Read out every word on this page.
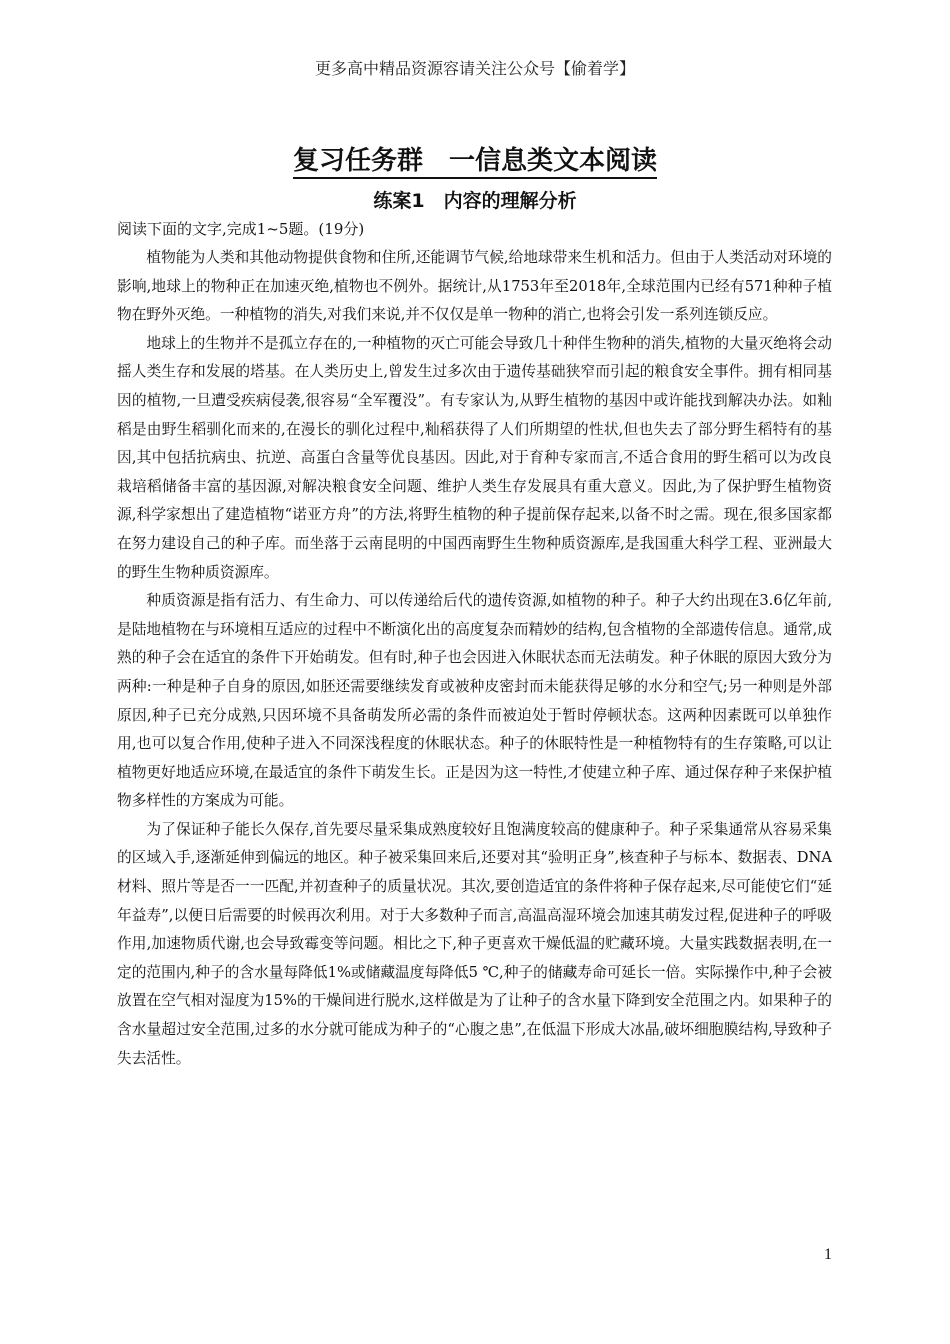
更多高中精品资源容请关注公众号【偷着学】
复习任务群　一信息类文本阅读
练案1　内容的理解分析
阅读下面的文字,完成1~5题。(19分)

植物能为人类和其他动物提供食物和住所,还能调节气候,给地球带来生机和活力。但由于人类活动对环境的影响,地球上的物种正在加速灭绝,植物也不例外。据统计,从1753年至2018年,全球范围内已经有571种种子植物在野外灭绝。一种植物的消失,对我们来说,并不仅仅是单一物种的消亡,也将会引发一系列连锁反应。

地球上的生物并不是孤立存在的,一种植物的灭亡可能会导致几十种伴生物种的消失,植物的大量灭绝将会动摇人类生存和发展的塔基。在人类历史上,曾发生过多次由于遗传基础狭窄而引起的粮食安全事件。拥有相同基因的植物,一旦遭受疾病侵袭,很容易“全军覆没”。有专家认为,从野生植物的基因中或许能找到解决办法。如籼稻是由野生稻驯化而来的,在漫长的驯化过程中,籼稻获得了人们所期望的性状,但也失去了部分野生稻特有的基因,其中包括抗病虫、抗逆、高蛋白含量等优良基因。因此,对于育种专家而言,不适合食用的野生稻可以为改良栽培稻储备丰富的基因源,对解决粮食安全问题、维护人类生存发展具有重大意义。因此,为了保护野生植物资源,科学家想出了建造植物“诺亚方舟”的方法,将野生植物的种子提前保存起来,以备不时之需。现在,很多国家都在努力建设自己的种子库。而坐落于云南昆明的中国西南野生生物种质资源库,是我国重大科学工程、亚洲最大的野生生物种质资源库。

种质资源是指有活力、有生命力、可以传递给后代的遗传资源,如植物的种子。种子大约出现在3.6亿年前,是陆地植物在与环境相互适应的过程中不断演化出的高度复杂而精妙的结构,包含植物的全部遗传信息。通常,成熟的种子会在适宜的条件下开始萌发。但有时,种子也会因进入休眠状态而无法萌发。种子休眠的原因大致分为两种:一种是种子自身的原因,如胚还需要继续发育或被种皮密封而未能获得足够的水分和空气;另一种则是外部原因,种子已充分成熟,只因环境不具备萌发所必需的条件而被迫处于暂时停顿状态。这两种因素既可以单独作用,也可以复合作用,使种子进入不同深浅程度的休眠状态。种子的休眠特性是一种植物特有的生存策略,可以让植物更好地适应环境,在最适宜的条件下萌发生长。正是因为这一特性,才使建立种子库、通过保存种子来保护植物多样性的方案成为可能。

为了保证种子能长久保存,首先要尽量采集成熟度较好且饱满度较高的健康种子。种子采集通常从容易采集的区域入手,逐渐延伸到偏远的地区。种子被采集回来后,还要对其“验明正身”,核查种子与标本、数据表、DNA材料、照片等是否一一匹配,并初查种子的质量状况。其次,要创造适宜的条件将种子保存起来,尽可能使它们“延年益寿”,以便日后需要的时候再次利用。对于大多数种子而言,高温高湿环境会加速其萌发过程,促进种子的呼吸作用,加速物质代谢,也会导致霉变等问题。相比之下,种子更喜欢干燥低温的贮藏环境。大量实践数据表明,在一定的范围内,种子的含水量每降低1%或储藏温度每降低5 ℃,种子的储藏寿命可延长一倍。实际操作中,种子会被放置在空气相对湿度为15%的干燥间进行脱水,这样做是为了让种子的含水量下降到安全范围之内。如果种子的含水量超过安全范围,过多的水分就可能成为种子的“心腹之患”,在低温下形成大冰晶,破坏细胞膜结构,导致种子失去活性。

1
